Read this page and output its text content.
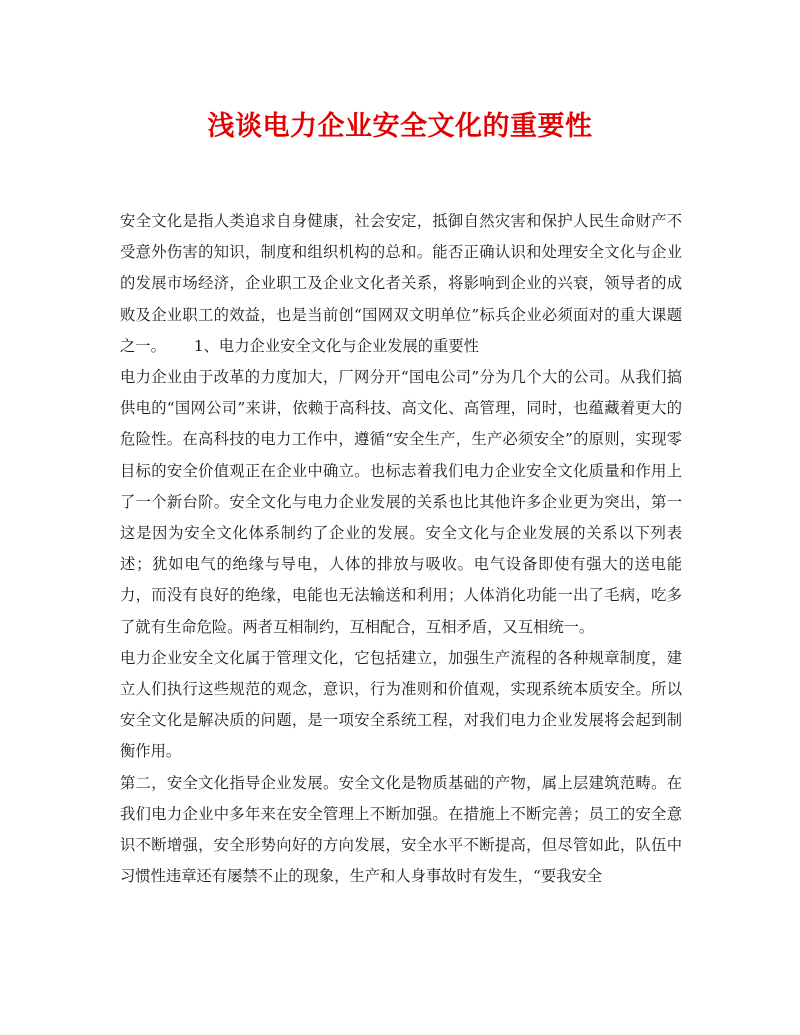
浅谈电力企业安全文化的重要性

安全文化是指人类追求自身健康，社会安定，抵御自然灾害和保护人民生命财产不受意外伤害的知识，制度和组织机构的总和。能否正确认识和处理安全文化与企业的发展市场经济，企业职工及企业文化者关系，将影响到企业的兴衰，领导者的成败及企业职工的效益，也是当前创“国网双文明单位”标兵企业必须面对的重大课题之一。 1、电力企业安全文化与企业发展的重要性

电力企业由于改革的力度加大，厂网分开“国电公司”分为几个大的公司。从我们搞供电的“国网公司”来讲，依赖于高科技、高文化、高管理，同时，也蕴藏着更大的危险性。在高科技的电力工作中，遵循“安全生产，生产必须安全”的原则，实现零目标的安全价值观正在企业中确立。也标志着我们电力企业安全文化质量和作用上了一个新台阶。安全文化与电力企业发展的关系也比其他许多企业更为突出，第一这是因为安全文化体系制约了企业的发展。安全文化与企业发展的关系以下列表述；犹如电气的绝缘与导电，人体的排放与吸收。电气设备即使有强大的送电能力，而没有良好的绝缘，电能也无法输送和利用；人体消化功能一出了毛病，吃多了就有生命危险。两者互相制约，互相配合，互相矛盾，又互相统一。

电力企业安全文化属于管理文化，它包括建立，加强生产流程的各种规章制度，建立人们执行这些规范的观念，意识，行为准则和价值观，实现系统本质安全。所以安全文化是解决质的问题，是一项安全系统工程，对我们电力企业发展将会起到制衡作用。

第二，安全文化指导企业发展。安全文化是物质基础的产物，属上层建筑范畴。在我们电力企业中多年来在安全管理上不断加强。在措施上不断完善；员工的安全意识不断增强，安全形势向好的方向发展，安全水平不断提高，但尽管如此，队伍中习惯性违章还有屡禁不止的现象，生产和人身事故时有发生，“要我安全
